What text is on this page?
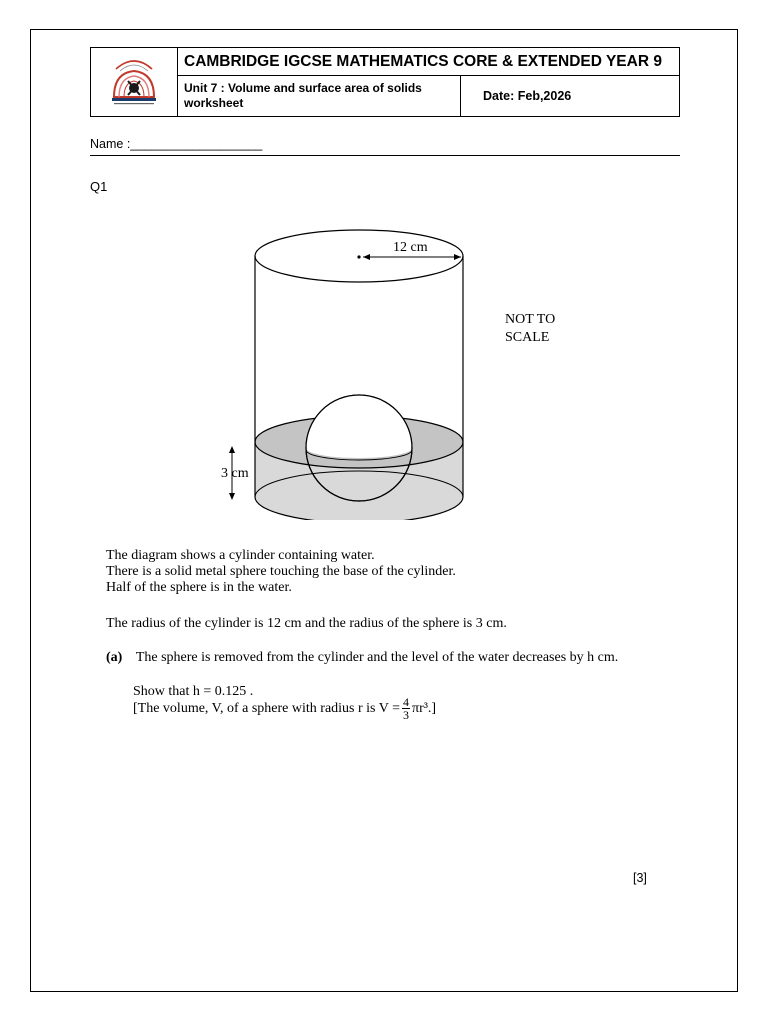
	CAMBRIDGE IGCSE MATHEMATICS CORE & EXTENDED YEAR 9	
	Unit 7 : Volume and surface area of solids worksheet	Date: Feb,2026
Name :___________________
Q1
12 cm
3 cm
NOT TO
SCALE
The diagram shows a cylinder containing water.
There is a solid metal sphere touching the base of the cylinder.
Half of the sphere is in the water.
The radius of the cylinder is 12 cm and the radius of the sphere is 3 cm.
(a) The sphere is removed from the cylinder and the level of the water decreases by h cm.
Show that h = 0.125 .
[The volume, V, of a sphere with radius r is V = 4
3 πr³.]
[3]
